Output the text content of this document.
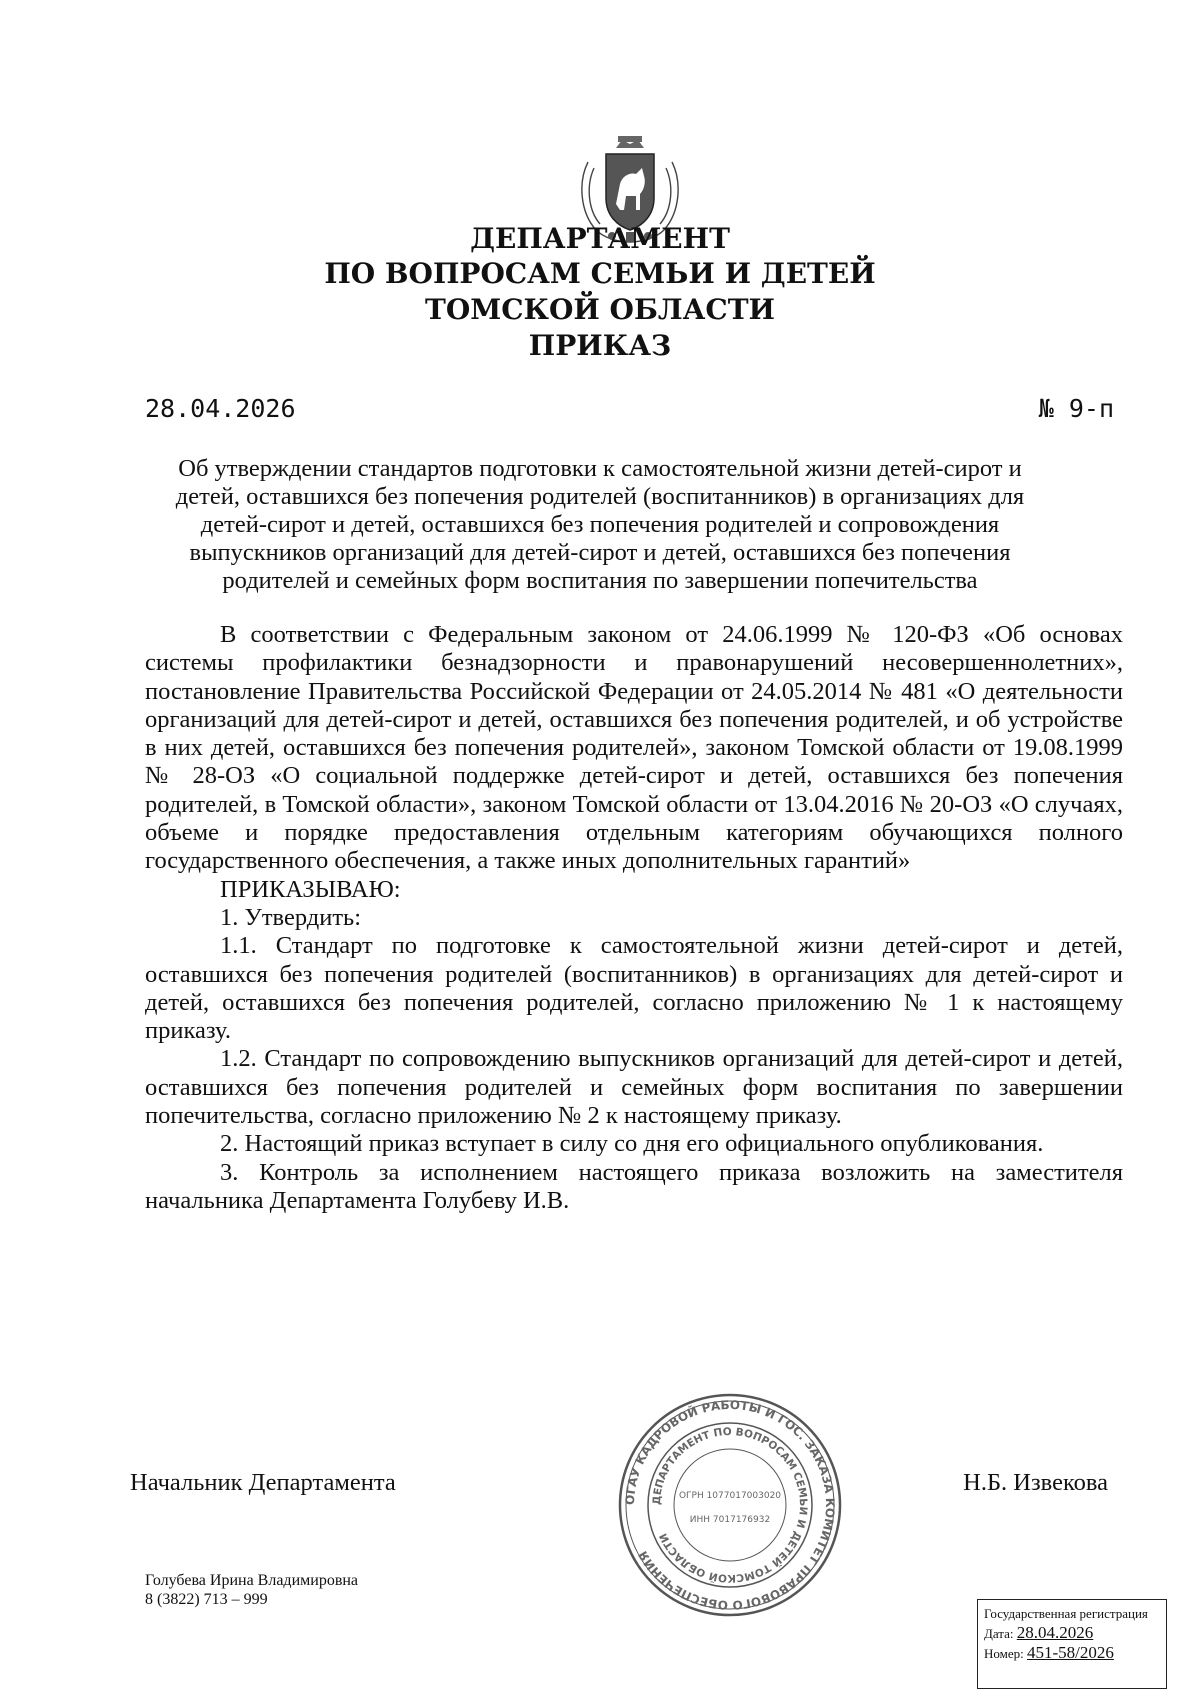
ДЕПАРТАМЕНТ
ПО ВОПРОСАМ СЕМЬИ И ДЕТЕЙ
ТОМСКОЙ ОБЛАСТИ
ПРИКАЗ
28.04.2026	№ 9-п
Об утверждении стандартов подготовки к самостоятельной жизни детей-сирот и
детей, оставшихся без попечения родителей (воспитанников) в организациях для
детей-сирот и детей, оставшихся без попечения родителей и сопровождения
выпускников организаций для детей-сирот и детей, оставшихся без попечения
родителей и семейных форм воспитания по завершении попечительства

В соответствии с Федеральным законом от 24.06.1999 № 120-ФЗ «Об основах системы профилактики безнадзорности и правонарушений несовершеннолетних», постановление Правительства Российской Федерации от 24.05.2014 № 481 «О деятельности организаций для детей-сирот и детей, оставшихся без попечения родителей, и об устройстве в них детей, оставшихся без попечения родителей», законом Томской области от 19.08.1999 № 28-ОЗ «О социальной поддержке детей-сирот и детей, оставшихся без попечения родителей, в Томской области», законом Томской области от 13.04.2016 № 20-ОЗ «О случаях, объеме и порядке предоставления отдельным категориям обучающихся полного государственного обеспечения, а также иных дополнительных гарантий»

ПРИКАЗЫВАЮ:

1. Утвердить:

1.1. Стандарт по подготовке к самостоятельной жизни детей-сирот и детей, оставшихся без попечения родителей (воспитанников) в организациях для детей-сирот и детей, оставшихся без попечения родителей, согласно приложению № 1 к настоящему приказу.

1.2. Стандарт по сопровождению выпускников организаций для детей-сирот и детей, оставшихся без попечения родителей и семейных форм воспитания по завершении попечительства, согласно приложению № 2 к настоящему приказу.

2. Настоящий приказ вступает в силу со дня его официального опубликования.

3. Контроль за исполнением настоящего приказа возложить на заместителя начальника Департамента Голубеву И.В.

ОГАУ КАДРОВОЙ РАБОТЫ И ГОС. ЗАКАЗА КОМИТЕТ ПРАВОВОГО ОБЕСПЕЧЕНИЯ
ДЕПАРТАМЕНТ ПО ВОПРОСАМ СЕМЬИ И ДЕТЕЙ ТОМСКОЙ ОБЛАСТИ
ОГРН 1077017003020
ИНН 7017176932
Начальник Департамента	Н.Б. Извекова
Голубева Ирина Владимировна
8 (3822) 713 – 999
Государственная регистрация
Дата: 28.04.2026
Номер: 451-58/2026
